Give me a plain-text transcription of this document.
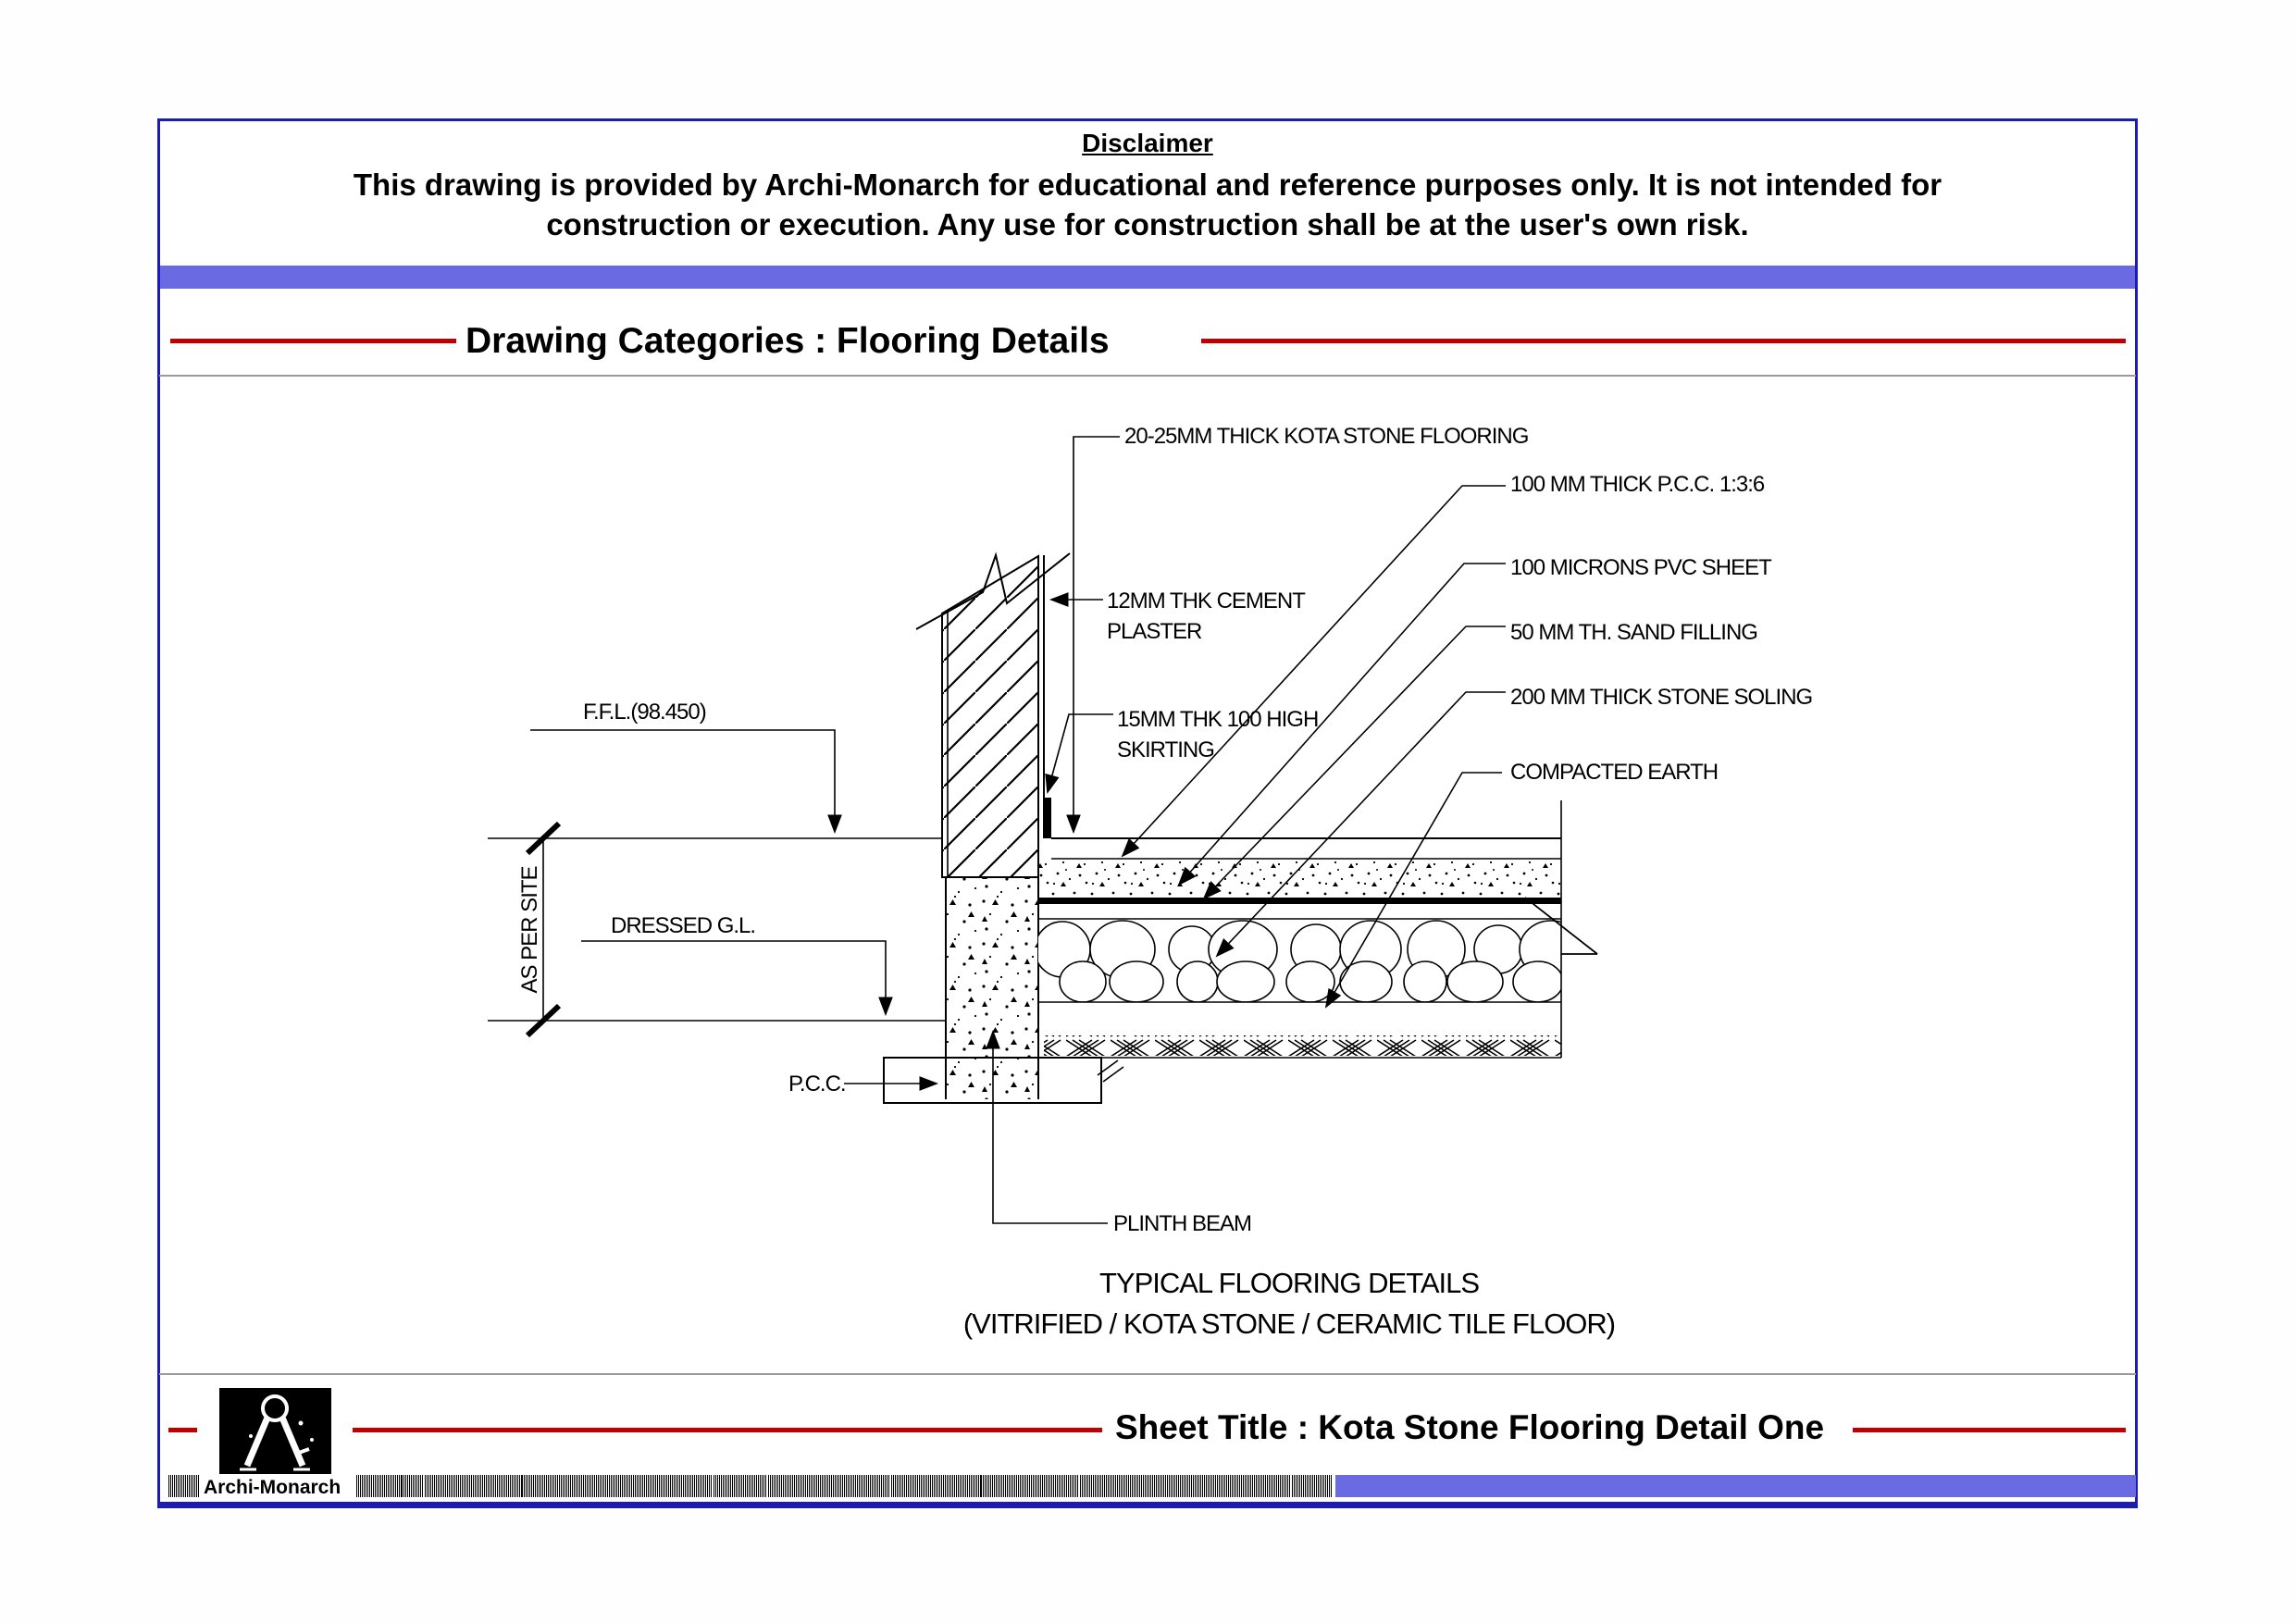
Disclaimer
This drawing is provided by Archi-Monarch for educational and reference purposes only. It is not intended for
construction or execution. Any use for construction shall be at the user's own risk.
Drawing Categories : Flooring Details
AS PER SITE
20-25MM THICK KOTA STONE FLOORING
100 MM THICK P.C.C. 1:3:6
100 MICRONS PVC SHEET
50 MM TH. SAND FILLING
200 MM THICK STONE SOLING
COMPACTED EARTH
12MM THK CEMENT
PLASTER
15MM THK 100 HIGH
SKIRTING
F.F.L.(98.450)
DRESSED G.L.
P.C.C.
PLINTH BEAM
TYPICAL FLOORING DETAILS
(VITRIFIED / KOTA STONE / CERAMIC TILE FLOOR)
Sheet Title : Kota Stone Flooring Detail One
Archi-Monarch
